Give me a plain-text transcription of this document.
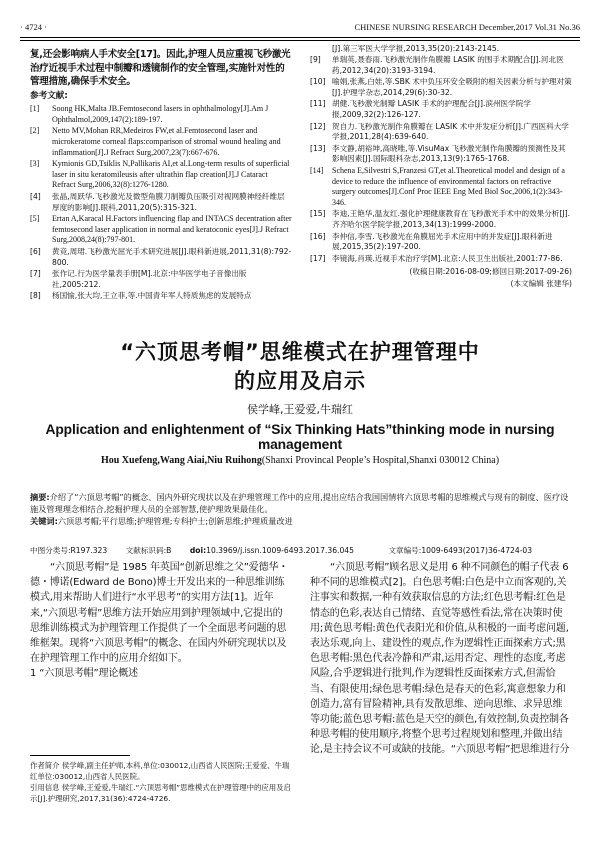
· 4724 ·	CHINESE NURSING RESEARCH December,2017 Vol.31 No.36

复,还会影响病人手术安全[17]。因此,护理人员应重视飞秒激光治疗近视手术过程中制瓣和透镜制作的安全管理,实施针对性的管理措施,确保手术安全。

参考文献:

[1] Soong HK,Malta JB.Femtosecond lasers in ophthalmology[J].Am J Ophthalmol,2009,147(2):189-197.
[2] Netto MV,Mohan RR,Medeiros FW,et al.Femtosecond laser and microkeratome corneal flaps:comparison of stromal wound healing and inflammation[J].J Refract Surg,2007,23(7):667-676.
[3] Kymionis GD,Tsiklis N,Pallikaris AI,et al.Long-term results of superficial laser in situ keratomileusis after ultrathin flap creation[J].J Cataract Refract Surg,2006,32(8):1276-1280.
[4] 张晶,周跃华.飞秒激光及微型角膜刀制瓣负压吸引对视网膜神经纤维层厚度的影响[J].眼科,2011,20(5):315-321.
[5] Ertan A,Karacal H.Factors influencing flap and INTACS decentration after femtosecond laser application in normal and keratoconic eyes[J].J Refract Surg,2008,24(8):797-801.
[6] 黄竞,周珺.飞秒激光屈光手术研究进展[J].眼科新进展,2011,31(8):792-800.
[7] 张作记.行为医学量表手册[M].北京:中华医学电子音像出版社,2005:212.
[8] 杨国愉,张大均,王立菲,等.中国青年军人特质焦虑的发展特点
[J].第三军医大学学报,2013,35(20):2143-2145.
[9] 单瑞英,聂春雨.飞秒激光制作角膜瓣 LASIK 的围手术期配合[J].河北医药,2012,34(20):3193-3194.
[10] 喻娟,张燕,白娃,等.SBK 术中负压环安全吸附的相关因素分析与护理对策[J].护理学杂志,2014,29(6):30-32.
[11] 胡健.飞秒激光制瓣 LASIK 手术的护理配合[J].滨州医学院学报,2009,32(2):126-127.
[12] 贺自力.飞秒激光制作角膜瓣在 LASIK 术中并发症分析[J].广西医科大学学报,2011,28(4):639-640.
[13] 李文静,胡裕坤,高晓唯,等.VisuMax 飞秒激光制作角膜瓣的预测性及其影响因素[J].国际眼科杂志,2013,13(9):1765-1768.
[14] Schena E,Silvestri S,Franzesi GT,et al.Theoretical model and design of a device to reduce the influence of environmental factors on refractive surgery outcomes[J].Conf Proc IEEE Eng Med Biol Soc,2006,1(2):343-346.
[15] 李迪,王艳华,温友红.强化护理健康教育在飞秒激光手术中的效果分析[J].齐齐哈尔医学院学报,2013,34(13):1999-2000.
[16] 李仲信,李雪.飞秒激光在角膜屈光手术应用中的并发症[J].眼科新进展,2015,35(2):197-200.
[17] 李镜海,肖瑛.近视手术治疗学[M].北京:人民卫生出版社,2001:77-86.
(收稿日期:2016-08-09;修回日期:2017-09-26)
(本文编辑 张建华)
“六顶思考帽”思维模式在护理管理中
的应用及启示
侯学峰,王爱爱,牛瑞红
Application and enlightenment of “Six Thinking Hats”thinking mode in nursing management
Hou Xuefeng,Wang Aiai,Niu Ruihong(Shanxi Provincal People’s Hospital,Shanxi 030012 China)

摘要:介绍了“六顶思考帽”的概念、国内外研究现状以及在护理管理工作中的应用,提出应结合我国国情将六顶思考帽的思维模式与现有的制度、医疗设施及管理理念相结合,挖掘护理人员的全部智慧,使护理效果最佳化。

关键词:六顶思考帽;平行思维;护理管理;专科护士;创新思维;护理质量改进

中图分类号:R197.323 文献标识码:B doi:10.3969/j.issn.1009-6493.2017.36.045	文章编号:1009-6493(2017)36-4724-03

“六顶思考帽”是 1985 年英国“创新思维之父”爱德华・德・博诺(Edward de Bono)博士开发出来的一种思维训练模式,用来帮助人们进行“水平思考”的实用方法[1]。近年来,“六顶思考帽”思维方法开始应用到护理领域中,它提出的思维训练模式为护理管理工作提供了一个全面思考问题的思维框架。现将“六顶思考帽”的概念、在国内外研究现状以及在护理管理工作中的应用介绍如下。

1 “六顶思考帽”理论概述

“六顶思考帽”顾名思义是用 6 种不同颜色的帽子代表 6 种不同的思维模式[2]。白色思考帽:白色是中立而客观的,关注事实和数据,一种有效获取信息的方法;红色思考帽:红色是情态的色彩,表达自己情绪、直觉等感性看法,常在决策时使用;黄色思考帽:黄色代表阳光和价值,从积极的一面考虑问题,表达乐观,向上、建设性的观点,作为逻辑性正面探索方式;黑色思考帽:黑色代表冷静和严肃,运用否定、理性的态度,考虑风险,合乎逻辑进行批判,作为逻辑性反面探索方式,但需恰当、有限使用;绿色思考帽:绿色是春天的色彩,寓意想象力和创造力,富有冒险精神,具有发散思维、逆向思维、求异思维等功能;蓝色思考帽:蓝色是天空的颜色,有效控制,负责控制各种思考帽的使用顺序,将整个思考过程规划和整理,并做出结论,是主持会议不可或缺的技能。“六顶思考帽”把思维进行分

作者简介 侯学峰,副主任护师,本科,单位:030012,山西省人民医院;王爱爱、牛瑞红单位:030012,山西省人民医院。

引用信息 侯学峰,王爱爱,牛瑞红.“六顶思考帽”思维模式在护理管理中的应用及启示[J].护理研究,2017,31(36):4724-4726.
